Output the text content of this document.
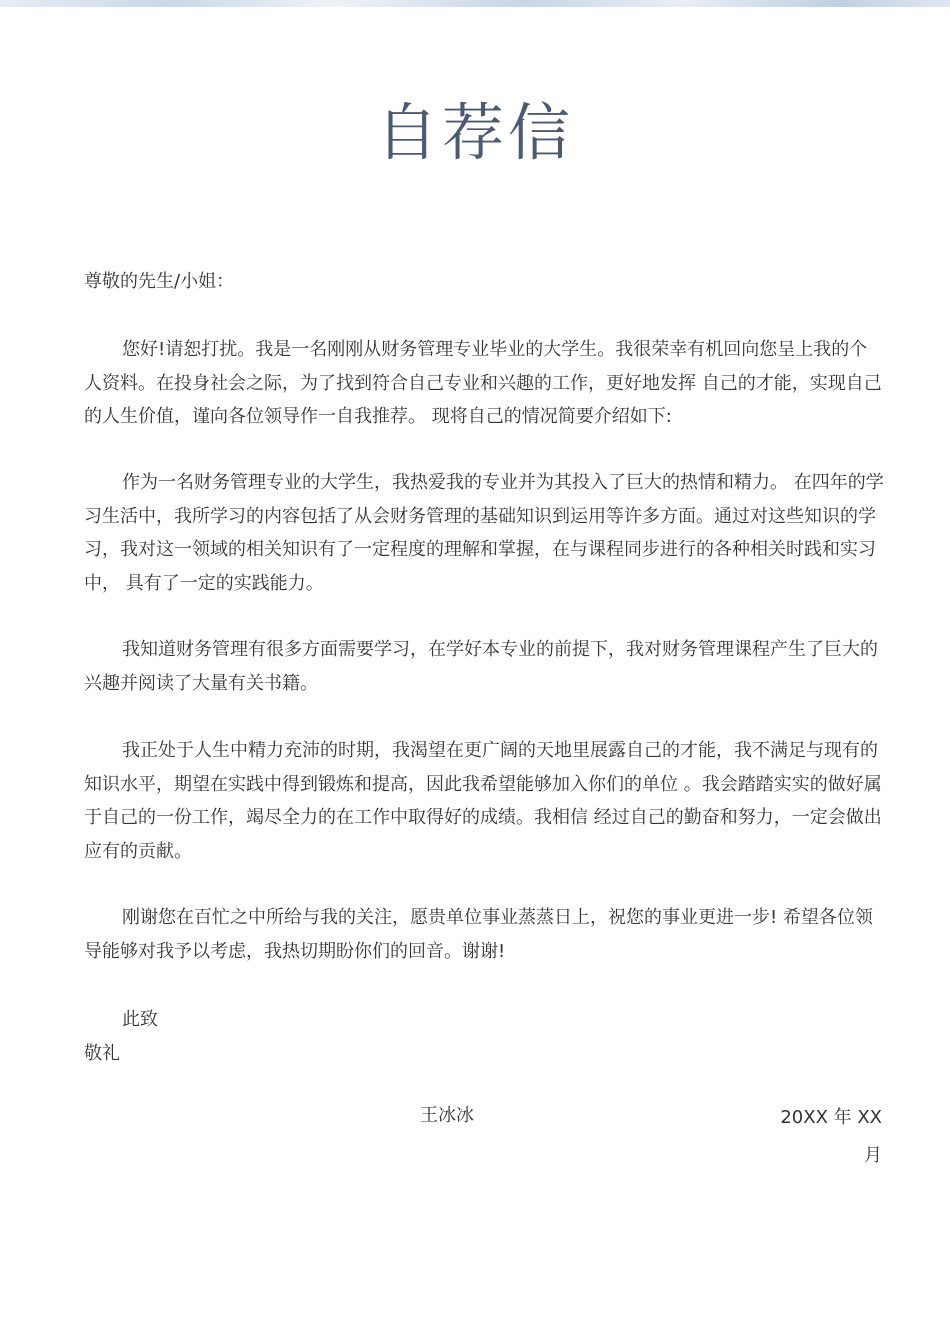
自荐信
尊敬的先生/小姐：

您好!请恕打扰。我是一名刚刚从财务管理专业毕业的大学生。我很荣幸有机回向您呈上我的个人资料。在投身社会之际，为了找到符合自己专业和兴趣的工作，更好地发挥 自己的才能，实现自己的人生价值，谨向各位领导作一自我推荐。 现将自己的情况简要介绍如下:

作为一名财务管理专业的大学生，我热爱我的专业并为其投入了巨大的热情和精力。 在四年的学习生活中，我所学习的内容包括了从会财务管理的基础知识到运用等许多方面。通过对这些知识的学习，我对这一领域的相关知识有了一定程度的理解和掌握，在与课程同步进行的各种相关时践和实习中， 具有了一定的实践能力。

我知道财务管理有很多方面需要学习，在学好本专业的前提下，我对财务管理课程产生了巨大的兴趣并阅读了大量有关书籍。

我正处于人生中精力充沛的时期，我渴望在更广阔的天地里展露自己的才能，我不满足与现有的知识水平，期望在实践中得到锻炼和提高，因此我希望能够加入你们的单位 。我会踏踏实实的做好属于自己的一份工作，竭尽全力的在工作中取得好的成绩。我相信 经过自己的勤奋和努力，一定会做出应有的贡献。

刚谢您在百忙之中所给与我的关注，愿贵单位事业蒸蒸日上，祝您的事业更进一步! 希望各位领导能够对我予以考虑，我热切期盼你们的回音。谢谢!

此致
敬礼
王冰冰	20XX 年 XX 月
